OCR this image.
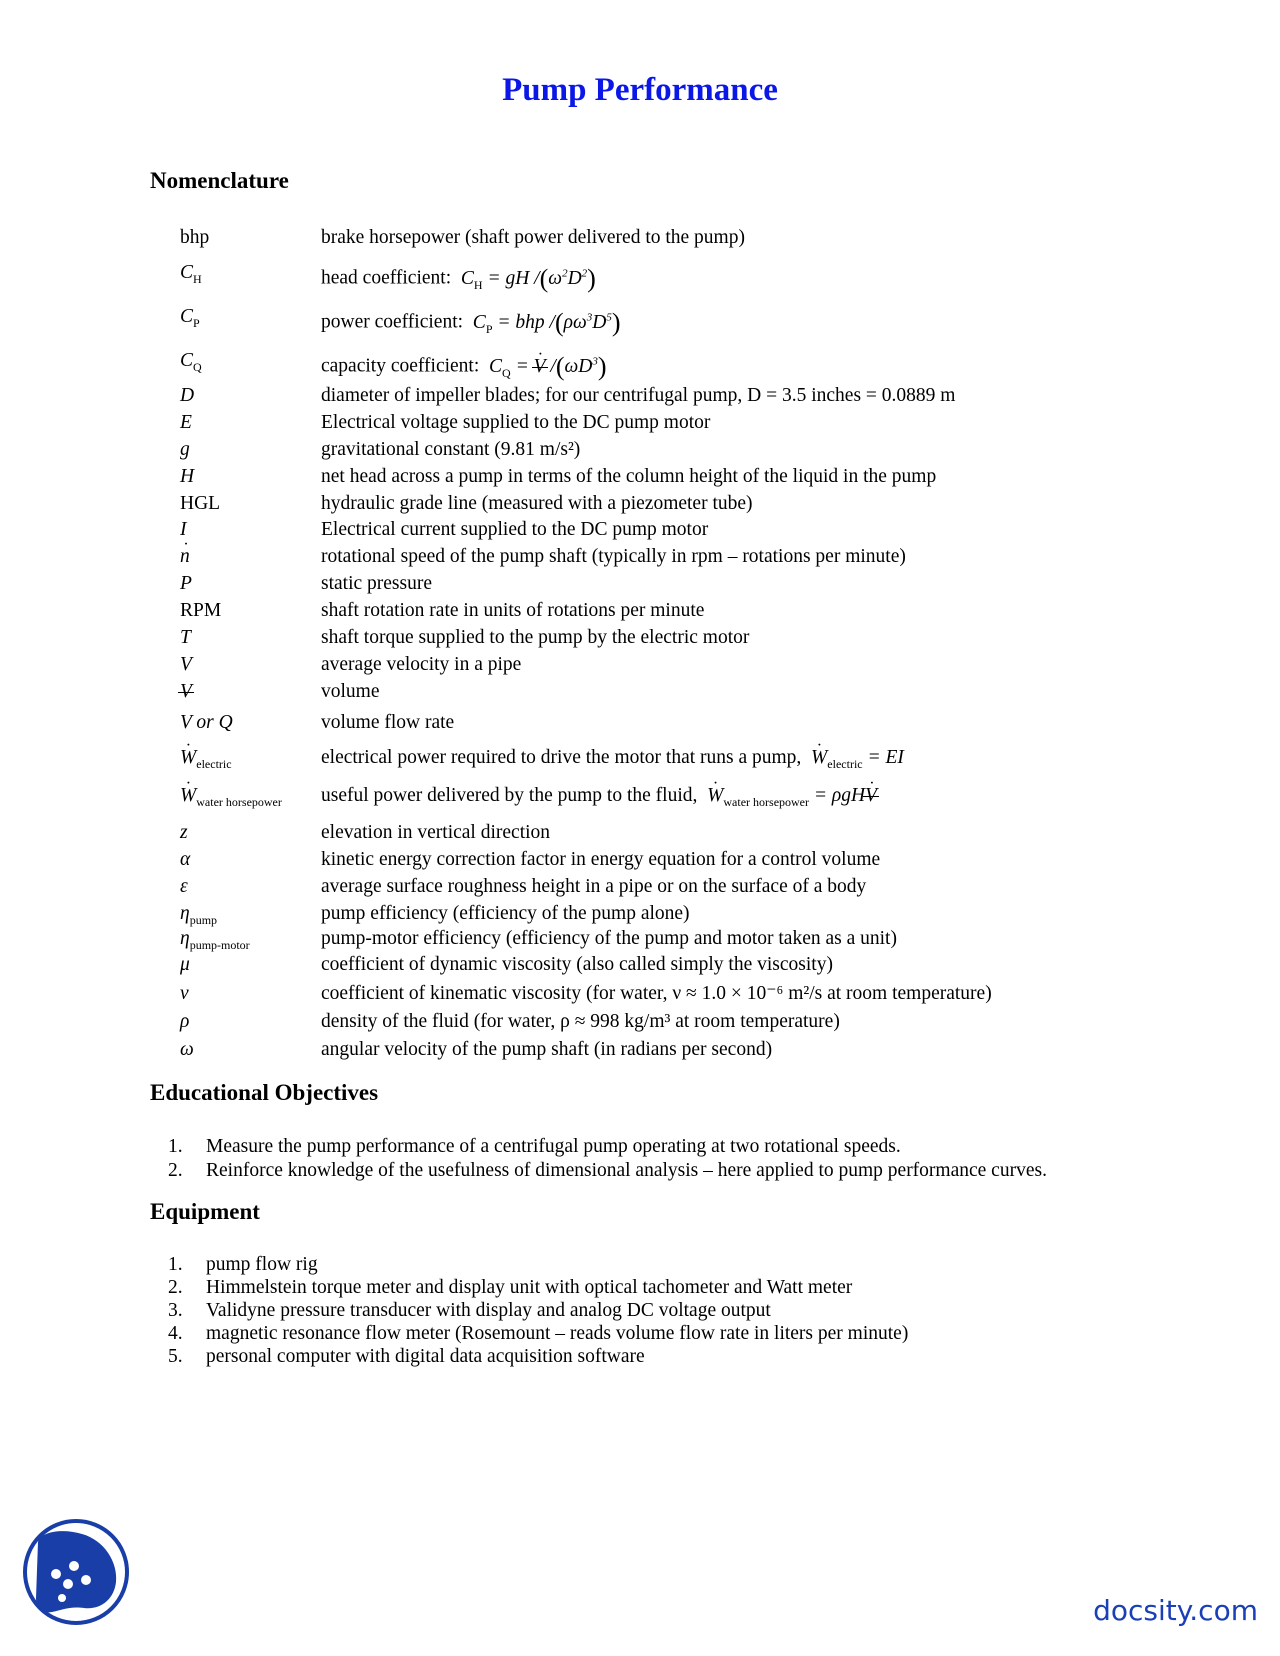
Pump Performance
Nomenclature
bhp	brake horsepower (shaft power delivered to the pump)
$C_H$	head coefficient:  $C_H$ = gH $/(\omega^2D^2)$
$C_P$	power coefficient:  $C_P$ = bhp $/(\rho\omega^3D^5)$
$C_Q$	capacity coefficient:  $C_Q$ = · V $/(\omega D^3)$
D	diameter of impeller blades; for our centrifugal pump, D = 3.5 inches = 0.0889 m
E	Electrical voltage supplied to the DC pump motor
g	gravitational constant (9.81 m/s²)
H	net head across a pump in terms of the column height of the liquid in the pump
HGL	hydraulic grade line (measured with a piezometer tube)
I	Electrical current supplied to the DC pump motor
· n	rotational speed of the pump shaft (typically in rpm – rotations per minute)
P	static pressure
RPM	shaft rotation rate in units of rotations per minute
T	shaft torque supplied to the pump by the electric motor
V	average velocity in a pipe
V	volume
V or Q	volume flow rate
· $W_{electric}$	electrical power required to drive the motor that runs a pump, · $W_{electric}$ = EI
· $W_{water horsepower}$	useful power delivered by the pump to the fluid, · $W_{water horsepower} = \rho gH\cdot V$
z	elevation in vertical direction
α	kinetic energy correction factor in energy equation for a control volume
ε	average surface roughness height in a pipe or on the surface of a body
$\eta_{pump}$	pump efficiency (efficiency of the pump alone)
$\eta_{pump-motor}$	pump-motor efficiency (efficiency of the pump and motor taken as a unit)
μ	coefficient of dynamic viscosity (also called simply the viscosity)
ν	coefficient of kinematic viscosity (for water, ν ≈ 1.0 × 10⁻⁶ m²/s at room temperature)
ρ	density of the fluid (for water, ρ ≈ 998 kg/m³ at room temperature)
ω	angular velocity of the pump shaft (in radians per second)
Educational Objectives
1.	Measure the pump performance of a centrifugal pump operating at two rotational speeds.
2.	Reinforce knowledge of the usefulness of dimensional analysis – here applied to pump performance curves.
Equipment
1.	pump flow rig
2.	Himmelstein torque meter and display unit with optical tachometer and Watt meter
3.	Validyne pressure transducer with display and analog DC voltage output
4.	magnetic resonance flow meter (Rosemount – reads volume flow rate in liters per minute)
5.	personal computer with digital data acquisition software
docsity.com
